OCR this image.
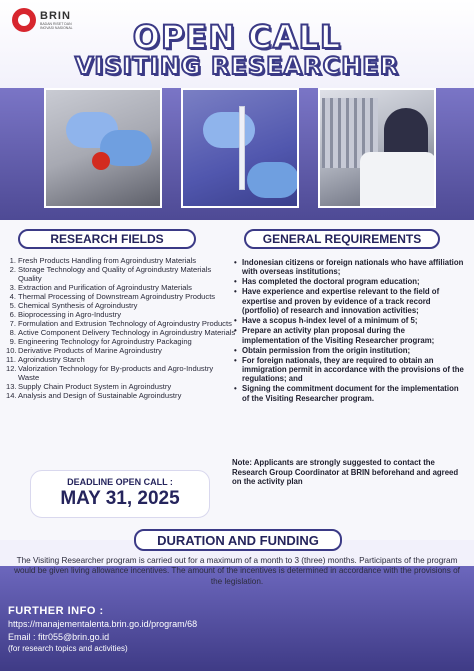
BRIN
BADAN RISET DAN INOVASI NASIONAL	OPEN CALL
VISITING RESEARCHER
RESEARCH FIELDS	GENERAL REQUIREMENTS
1. Fresh Products Handling from Agroindustry Materials
2. Storage Technology and Quality of Agroindustry Materials Quality
3. Extraction and Purification of Agroindustry Materials
4. Thermal Processing of Downstream Agroindustry Products
5. Chemical Synthesis of Agroindustry
6. Bioprocessing in Agro-Industry
7. Formulation and Extrusion Technology of Agroindustry Products
8. Active Component Delivery Technology in Agroindustry Materials
9. Engineering Technology for Agroindustry Packaging
10. Derivative Products of Marine Agroindustry
11. Agroindustry Starch
12. Valorization Technology for By-products and Agro-Industry Waste
13. Supply Chain Product System in Agroindustry
14. Analysis and Design of Sustainable Agroindustry
DEADLINE OPEN CALL :
MAY 31, 2025
• Indonesian citizens or foreign nationals who have affiliation with overseas institutions;
• Has completed the doctoral program education;
• Have experience and expertise relevant to the field of expertise and proven by evidence of a track record (portfolio) of research and innovation activities;
• Have a scopus h-index level of a minimum of 5;
• Prepare an activity plan proposal during the implementation of the Visiting Researcher program;
• Obtain permission from the origin institution;
• For foreign nationals, they are required to obtain an immigration permit in accordance with the provisions of the regulations; and
• Signing the commitment document for the implementation of the Visiting Researcher program.
Note: Applicants are strongly suggested to contact the Research Group Coordinator at BRIN beforehand and agreed on the activity plan
DURATION AND FUNDING
The Visiting Researcher program is carried out for a maximum of a month to 3 (three) months. Participants of the program would be given living allowance incentives. The amount of the incentives is determined in accordance with the provisions of the legislation.
FURTHER INFO :
https://manajementalenta.brin.go.id/program/68
Email : fitr055@brin.go.id
(for research topics and activities)
